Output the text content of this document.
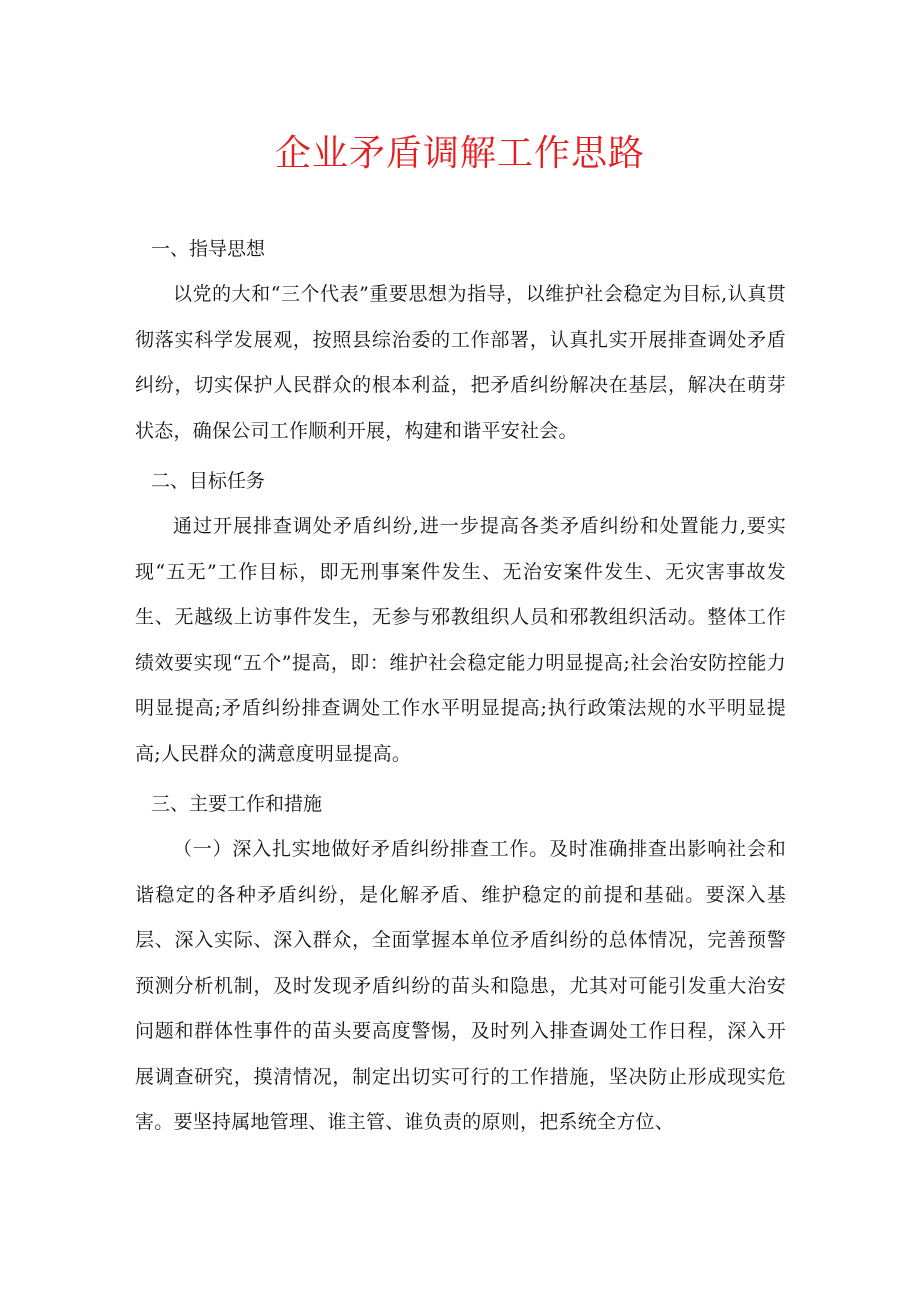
企业矛盾调解工作思路
一、指导思想

以党的大和“三个代表”重要思想为指导，以维护社会稳定为目标,认真贯彻落实科学发展观，按照县综治委的工作部署，认真扎实开展排查调处矛盾纠纷，切实保护人民群众的根本利益，把矛盾纠纷解决在基层，解决在萌芽状态，确保公司工作顺利开展，构建和谐平安社会。

二、目标任务

通过开展排查调处矛盾纠纷,进一步提高各类矛盾纠纷和处置能力,要实现“五无”工作目标，即无刑事案件发生、无治安案件发生、无灾害事故发生、无越级上访事件发生，无参与邪教组织人员和邪教组织活动。整体工作绩效要实现“五个”提高，即：维护社会稳定能力明显提高;社会治安防控能力明显提高;矛盾纠纷排查调处工作水平明显提高;执行政策法规的水平明显提高;人民群众的满意度明显提高。

三、主要工作和措施

（一）深入扎实地做好矛盾纠纷排查工作。及时准确排查出影响社会和谐稳定的各种矛盾纠纷，是化解矛盾、维护稳定的前提和基础。要深入基层、深入实际、深入群众，全面掌握本单位矛盾纠纷的总体情况，完善预警预测分析机制，及时发现矛盾纠纷的苗头和隐患，尤其对可能引发重大治安问题和群体性事件的苗头要高度警惕，及时列入排查调处工作日程，深入开展调查研究，摸清情况，制定出切实可行的工作措施，坚决防止形成现实危害。要坚持属地管理、谁主管、谁负责的原则，把系统全方位、
